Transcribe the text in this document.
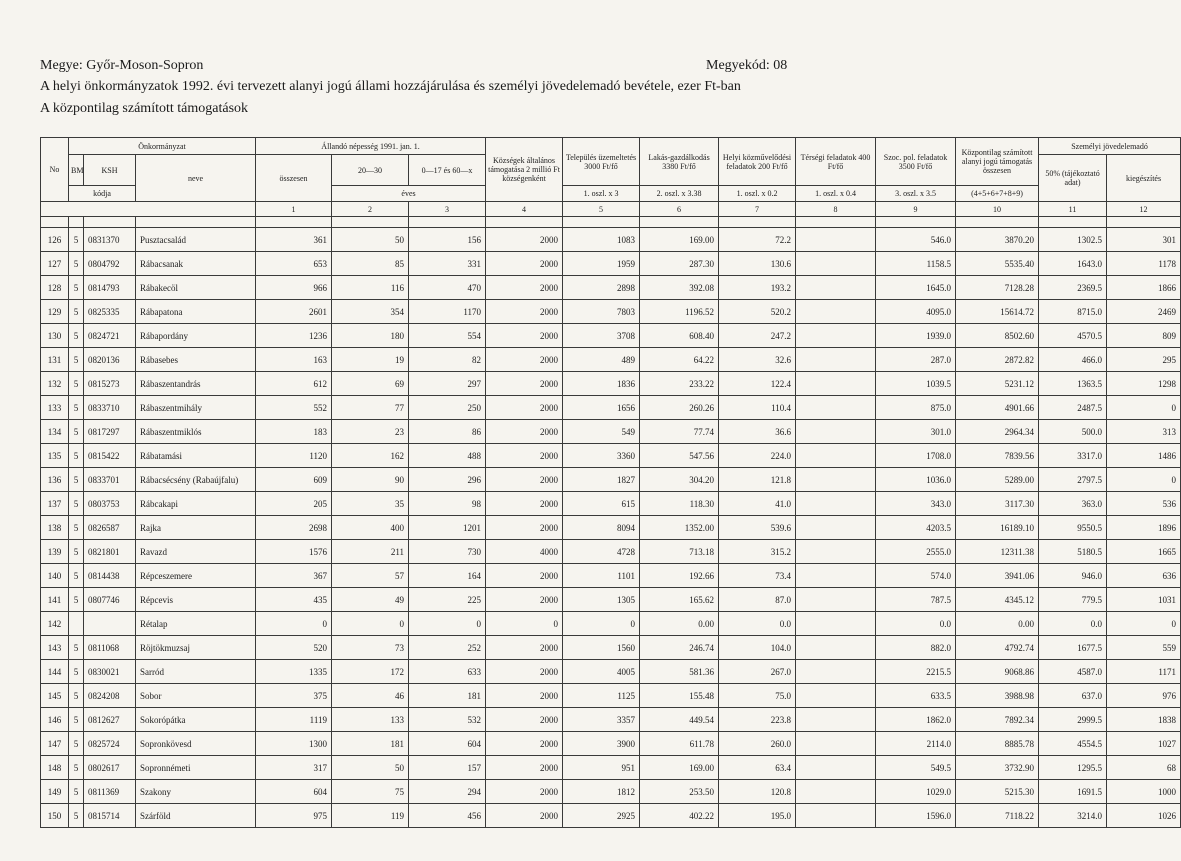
Megye: Győr-Moson-Sopron	Megyekód: 08
A helyi önkormányzatok 1992. évi tervezett alanyi jogú állami hozzájárulása és személyi jövedelemadó bevétele, ezer Ft-ban
A központilag számított támogatások
No	Önkormányzat			Állandó népesség 1991. jan. 1.			Községek általános támogatása 2 millió Ft községenként	Település üzemeltetés 3000 Ft/fő	Lakás-gazdálkodás 3380 Ft/fő	Helyi közművelődési feladatok 200 Ft/fő	Térségi feladatok 400 Ft/fő	Szoc. pol. feladatok 3500 Ft/fő	Központilag számított alanyi jogú támogatás összesen	Személyi jövedelemadó	
	BM	KSH	neve	összesen	20—30	0—17 és 60—x								50% (tájékoztató adat)	kiegészítés
	kódja				éves			1. oszl. x 3	2. oszl. x 3.38	1. oszl. x 0.2	1. oszl. x 0.4	3. oszl. x 3.5	(4+5+6+7+8+9)		
				1	2	3	4	5	6	7	8	9	10	11	12

126	5	0831370	Pusztacsalád	361	50	156	2000	1083	169.00	72.2		546.0	3870.20	1302.5	301
127	5	0804792	Rábacsanak	653	85	331	2000	1959	287.30	130.6		1158.5	5535.40	1643.0	1178
128	5	0814793	Rábakecöl	966	116	470	2000	2898	392.08	193.2		1645.0	7128.28	2369.5	1866
129	5	0825335	Rábapatona	2601	354	1170	2000	7803	1196.52	520.2		4095.0	15614.72	8715.0	2469
130	5	0824721	Rábapordány	1236	180	554	2000	3708	608.40	247.2		1939.0	8502.60	4570.5	809
131	5	0820136	Rábasebes	163	19	82	2000	489	64.22	32.6		287.0	2872.82	466.0	295
132	5	0815273	Rábaszentandrás	612	69	297	2000	1836	233.22	122.4		1039.5	5231.12	1363.5	1298
133	5	0833710	Rábaszentmihály	552	77	250	2000	1656	260.26	110.4		875.0	4901.66	2487.5	0
134	5	0817297	Rábaszentmiklós	183	23	86	2000	549	77.74	36.6		301.0	2964.34	500.0	313
135	5	0815422	Rábatamási	1120	162	488	2000	3360	547.56	224.0		1708.0	7839.56	3317.0	1486
136	5	0833701	Rábacsécsény (Rabaújfalu)	609	90	296	2000	1827	304.20	121.8		1036.0	5289.00	2797.5	0
137	5	0803753	Rábcakapi	205	35	98	2000	615	118.30	41.0		343.0	3117.30	363.0	536
138	5	0826587	Rajka	2698	400	1201	2000	8094	1352.00	539.6		4203.5	16189.10	9550.5	1896
139	5	0821801	Ravazd	1576	211	730	4000	4728	713.18	315.2		2555.0	12311.38	5180.5	1665
140	5	0814438	Répceszemere	367	57	164	2000	1101	192.66	73.4		574.0	3941.06	946.0	636
141	5	0807746	Répcevis	435	49	225	2000	1305	165.62	87.0		787.5	4345.12	779.5	1031
142			Rétalap	0	0	0	0	0	0.00	0.0		0.0	0.00	0.0	0
143	5	0811068	Röjtökmuzsaj	520	73	252	2000	1560	246.74	104.0		882.0	4792.74	1677.5	559
144	5	0830021	Sarród	1335	172	633	2000	4005	581.36	267.0		2215.5	9068.86	4587.0	1171
145	5	0824208	Sobor	375	46	181	2000	1125	155.48	75.0		633.5	3988.98	637.0	976
146	5	0812627	Sokorópátka	1119	133	532	2000	3357	449.54	223.8		1862.0	7892.34	2999.5	1838
147	5	0825724	Sopronkövesd	1300	181	604	2000	3900	611.78	260.0		2114.0	8885.78	4554.5	1027
148	5	0802617	Sopronnémeti	317	50	157	2000	951	169.00	63.4		549.5	3732.90	1295.5	68
149	5	0811369	Szakony	604	75	294	2000	1812	253.50	120.8		1029.0	5215.30	1691.5	1000
150	5	0815714	Szárföld	975	119	456	2000	2925	402.22	195.0		1596.0	7118.22	3214.0	1026
